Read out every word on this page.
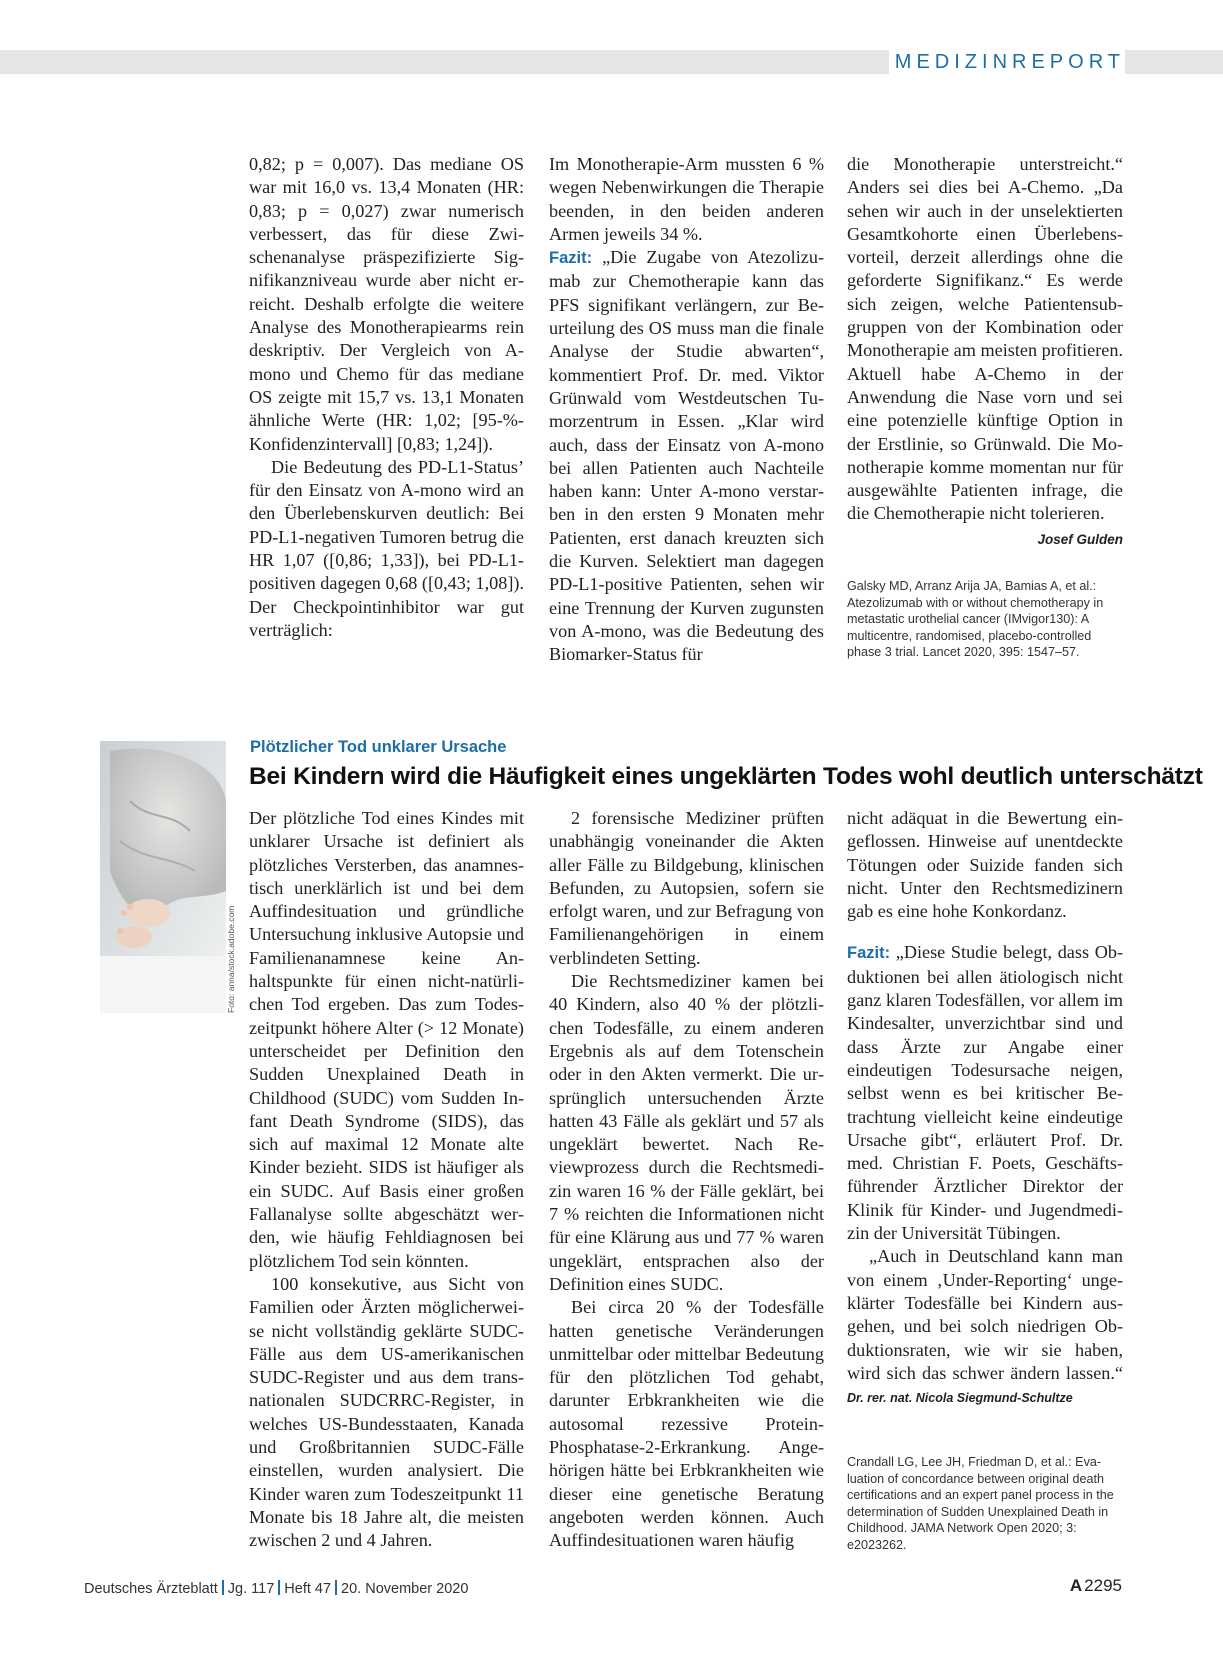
MEDIZINREPORT

0,82; p = 0,007). Das mediane OS war mit 16,0 vs. 13,4 Monaten (HR: 0,83; p = 0,027) zwar numerisch verbessert, das für diese Zwischenanalyse präspezifizierte Signifikanzniveau wurde aber nicht erreicht. Deshalb erfolgte die weitere Analyse des Monotherapiearms rein deskriptiv. Der Vergleich von A-mono und Chemo für das mediane OS zeigte mit 15,7 vs. 13,1 Monaten ähnliche Werte (HR: 1,02; [95-%-Konfidenzintervall] [0,83; 1,24]).

Die Bedeutung des PD-L1-Status’ für den Einsatz von A-mono wird an den Überlebenskurven deutlich: Bei PD-L1-negativen Tumoren betrug die HR 1,07 ([0,86; 1,33]), bei PD-L1-positiven dagegen 0,68 ([0,43; 1,08]). Der Checkpointinhibitor war gut verträglich:

Im Monotherapie-Arm mussten 6 % wegen Nebenwirkungen die Therapie beenden, in den beiden anderen Armen jeweils 34 %.

Fazit: „Die Zugabe von Atezolizumab zur Chemotherapie kann das PFS signifikant verlängern, zur Beurteilung des OS muss man die finale Analyse der Studie abwarten“, kommentiert Prof. Dr. med. Viktor Grünwald vom Westdeutschen Tumorzentrum in Essen. „Klar wird auch, dass der Einsatz von A-mono bei allen Patienten auch Nachteile haben kann: Unter A-mono verstarben in den ersten 9 Monaten mehr Patienten, erst danach kreuzten sich die Kurven. Selektiert man dagegen PD-L1-positive Patienten, sehen wir eine Trennung der Kurven zugunsten von A-mono, was die Bedeutung des Biomarker-Status für

die Monotherapie unterstreicht.“ Anders sei dies bei A-Chemo. „Da sehen wir auch in der unselektierten Gesamtkohorte einen Überlebensvorteil, derzeit allerdings ohne die geforderte Signifikanz.“ Es werde sich zeigen, welche Patientensubgruppen von der Kombination oder Monotherapie am meisten profitieren. Aktuell habe A-Chemo in der Anwendung die Nase vorn und sei eine potenzielle künftige Option in der Erstlinie, so Grünwald. Die Monotherapie komme momentan nur für ausgewählte Patienten infrage, die die Chemotherapie nicht tolerieren.
Josef Gulden

Galsky MD, Arranz Arija JA, Bamias A, et al.: Atezolizumab with or without chemotherapy in metastatic urothelial cancer (IMvigor130): A multicentre, randomised, placebo-controlled phase 3 trial. Lancet 2020, 395: 1547–57.
Foto: anna/stock.adobe.com
Plötzlicher Tod unklarer Ursache
Bei Kindern wird die Häufigkeit eines ungeklärten Todes wohl deutlich unterschätzt

Der plötzliche Tod eines Kindes mit unklarer Ursache ist definiert als plötzliches Versterben, das anamnestisch unerklärlich ist und bei dem Auffindesituation und gründliche Untersuchung inklusive Autopsie und Familienanamnese keine Anhaltspunkte für einen nicht-natürlichen Tod ergeben. Das zum Todeszeitpunkt höhere Alter (> 12 Monate) unterscheidet per Definition den Sudden Unexplained Death in Childhood (SUDC) vom Sudden Infant Death Syndrome (SIDS), das sich auf maximal 12 Monate alte Kinder bezieht. SIDS ist häufiger als ein SUDC. Auf Basis einer großen Fallanalyse sollte abgeschätzt werden, wie häufig Fehldiagnosen bei plötzlichem Tod sein könnten.

100 konsekutive, aus Sicht von Familien oder Ärzten möglicherweise nicht vollständig geklärte SUDC-Fälle aus dem US-amerikanischen SUDC-Register und aus dem transnationalen SUDCRRC-Register, in welches US-Bundesstaaten, Kanada und Großbritannien SUDC-Fälle einstellen, wurden analysiert. Die Kinder waren zum Todeszeitpunkt 11 Monate bis 18 Jahre alt, die meisten zwischen 2 und 4 Jahren.

2 forensische Mediziner prüften unabhängig voneinander die Akten aller Fälle zu Bildgebung, klinischen Befunden, zu Autopsien, sofern sie erfolgt waren, und zur Befragung von Familienangehörigen in einem verblindeten Setting.

Die Rechtsmediziner kamen bei 40 Kindern, also 40 % der plötzlichen Todesfälle, zu einem anderen Ergebnis als auf dem Totenschein oder in den Akten vermerkt. Die ursprünglich untersuchenden Ärzte hatten 43 Fälle als geklärt und 57 als ungeklärt bewertet. Nach Reviewprozess durch die Rechtsmedizin waren 16 % der Fälle geklärt, bei 7 % reichten die Informationen nicht für eine Klärung aus und 77 % waren ungeklärt, entsprachen also der Definition eines SUDC.

Bei circa 20 % der Todesfälle hatten genetische Veränderungen unmittelbar oder mittelbar Bedeutung für den plötzlichen Tod gehabt, darunter Erbkrankheiten wie die autosomal rezessive Protein-Phosphatase-2-Erkrankung. Angehörigen hätte bei Erbkrankheiten wie dieser eine genetische Beratung angeboten werden können. Auch Auffindesituationen waren häufig

nicht adäquat in die Bewertung eingeflossen. Hinweise auf unentdeckte Tötungen oder Suizide fanden sich nicht. Unter den Rechtsmedizinern gab es eine hohe Konkordanz.

Fazit: „Diese Studie belegt, dass Obduktionen bei allen ätiologisch nicht ganz klaren Todesfällen, vor allem im Kindesalter, unverzichtbar sind und dass Ärzte zur Angabe einer eindeutigen Todesursache neigen, selbst wenn es bei kritischer Betrachtung vielleicht keine eindeutige Ursache gibt“, erläutert Prof. Dr. med. Christian F. Poets, Geschäftsführender Ärztlicher Direktor der Klinik für Kinder- und Jugendmedizin der Universität Tübingen.

„Auch in Deutschland kann man von einem ‚Under-Reporting‘ ungeklärter Todesfälle bei Kindern ausgehen, und bei solch niedrigen Obduktionsraten, wie wir sie haben, wird sich das schwer ändern lassen.“ Dr. rer. nat. Nicola Siegmund-Schultze

Crandall LG, Lee JH, Friedman D, et al.: Evaluation of concordance between original death certifications and an expert panel process in the determination of Sudden Unexplained Death in Childhood. JAMA Network Open 2020; 3: e2023262.
Deutsches Ärzteblatt Jg. 117 Heft 47 20. November 2020	A 2295
